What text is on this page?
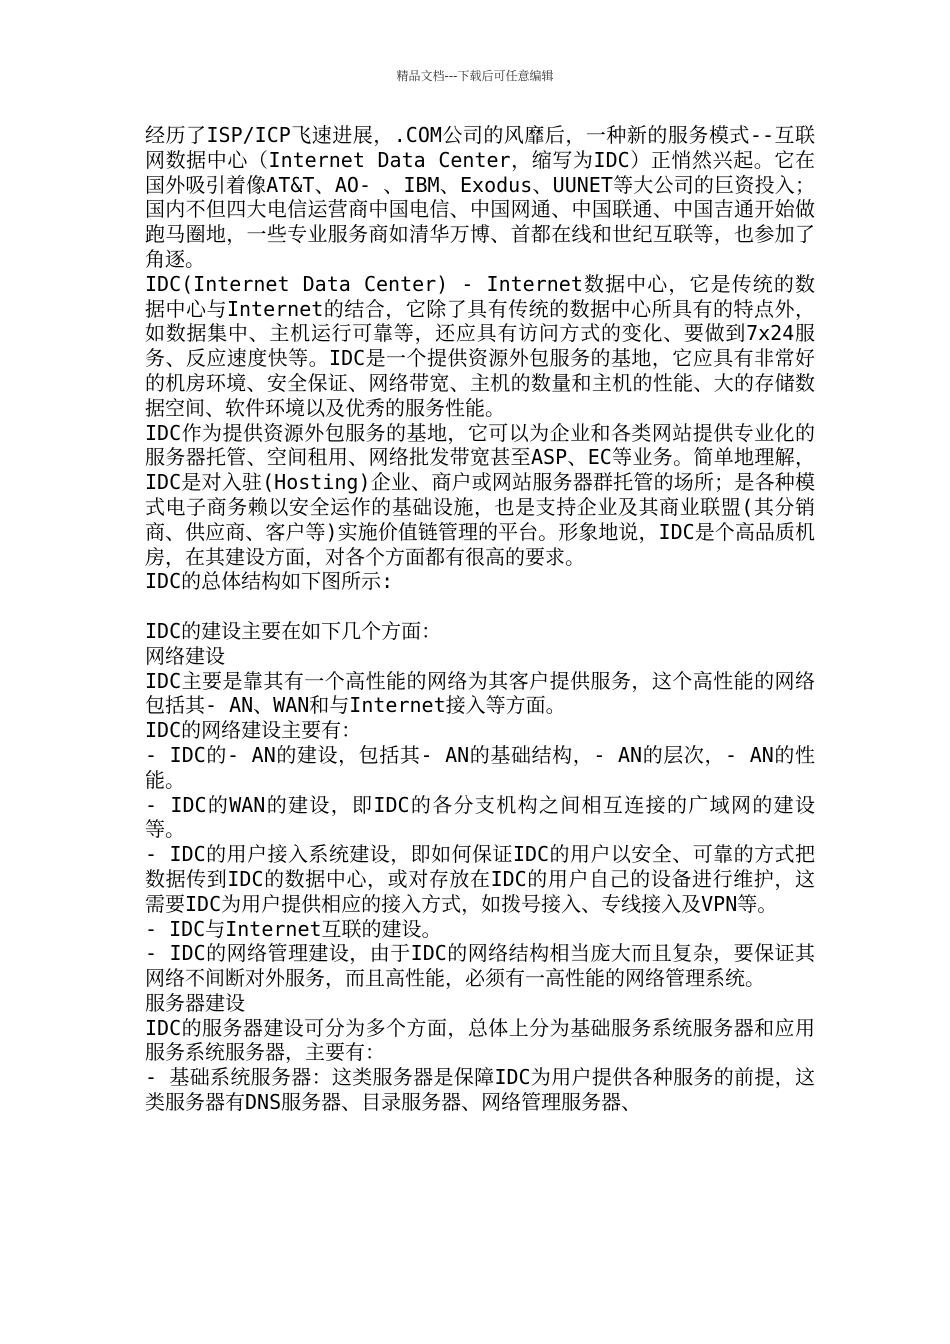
精品文档---下载后可任意编辑

经历了ISP/ICP飞速进展，.COM公司的风靡后，一种新的服务模式--互联网数据中心（Internet Data Center，缩写为IDC）正悄然兴起。它在国外吸引着像AT&T、AO- 、IBM、Exodus、UUNET等大公司的巨资投入；国内不但四大电信运营商中国电信、中国网通、中国联通、中国吉通开始做跑马圈地，一些专业服务商如清华万博、首都在线和世纪互联等，也参加了角逐。

IDC(Internet Data Center) - Internet数据中心，它是传统的数据中心与Internet的结合，它除了具有传统的数据中心所具有的特点外，如数据集中、主机运行可靠等，还应具有访问方式的变化、要做到7x24服务、反应速度快等。IDC是一个提供资源外包服务的基地，它应具有非常好的机房环境、安全保证、网络带宽、主机的数量和主机的性能、大的存储数据空间、软件环境以及优秀的服务性能。

IDC作为提供资源外包服务的基地，它可以为企业和各类网站提供专业化的服务器托管、空间租用、网络批发带宽甚至ASP、EC等业务。简单地理解，IDC是对入驻(Hosting)企业、商户或网站服务器群托管的场所；是各种模式电子商务赖以安全运作的基础设施，也是支持企业及其商业联盟(其分销商、供应商、客户等)实施价值链管理的平台。形象地说，IDC是个高品质机房，在其建设方面，对各个方面都有很高的要求。

IDC的总体结构如下图所示:

IDC的建设主要在如下几个方面：

网络建设

IDC主要是靠其有一个高性能的网络为其客户提供服务，这个高性能的网络包括其- AN、WAN和与Internet接入等方面。

IDC的网络建设主要有：

- IDC的- AN的建设，包括其- AN的基础结构，- AN的层次，- AN的性能。

- IDC的WAN的建设，即IDC的各分支机构之间相互连接的广域网的建设等。

- IDC的用户接入系统建设，即如何保证IDC的用户以安全、可靠的方式把数据传到IDC的数据中心，或对存放在IDC的用户自己的设备进行维护，这需要IDC为用户提供相应的接入方式，如拨号接入、专线接入及VPN等。

- IDC与Internet互联的建设。

- IDC的网络管理建设，由于IDC的网络结构相当庞大而且复杂，要保证其网络不间断对外服务，而且高性能，必须有一高性能的网络管理系统。

服务器建设

IDC的服务器建设可分为多个方面，总体上分为基础服务系统服务器和应用服务系统服务器，主要有：

- 基础系统服务器：这类服务器是保障IDC为用户提供各种服务的前提，这类服务器有DNS服务器、目录服务器、网络管理服务器、
